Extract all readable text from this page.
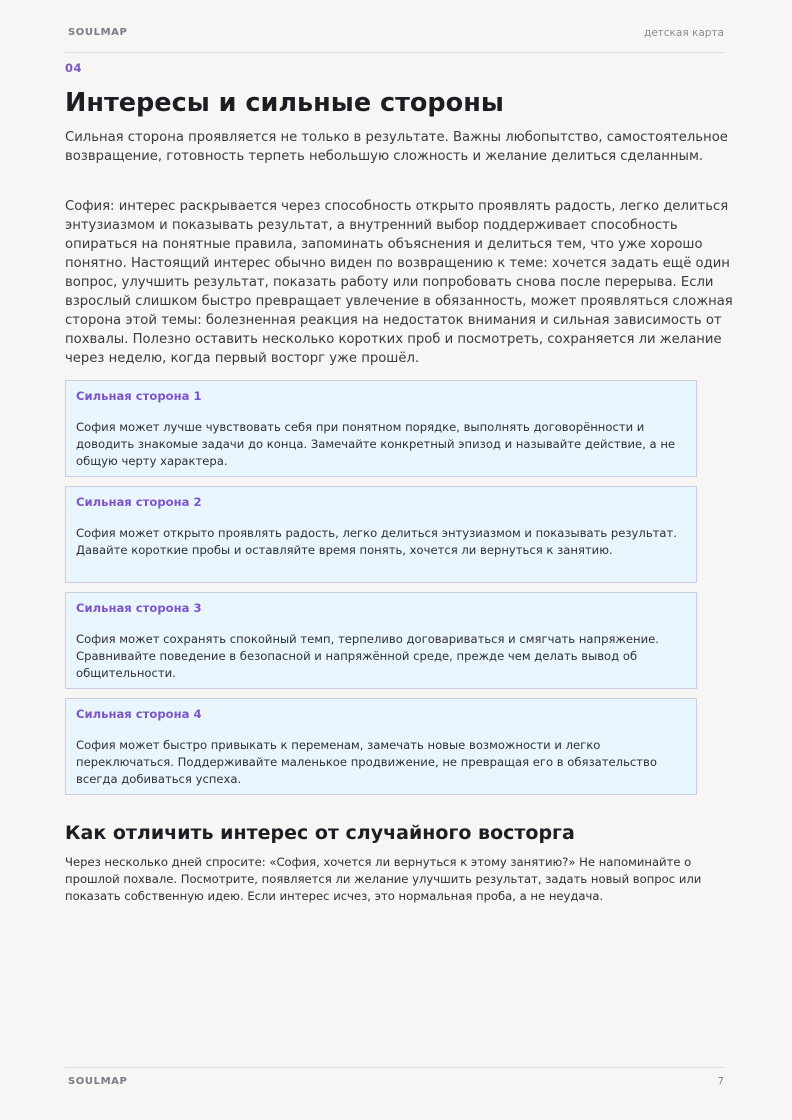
SOULMAP	детская карта
04
Интересы и сильные стороны

Сильная сторона проявляется не только в результате. Важны любопытство, самостоятельное возвращение, готовность терпеть небольшую сложность и желание делиться сделанным.

София: интерес раскрывается через способность открыто проявлять радость, легко делиться энтузиазмом и показывать результат, а внутренний выбор поддерживает способность опираться на понятные правила, запоминать объяснения и делиться тем, что уже хорошо понятно. Настоящий интерес обычно виден по возвращению к теме: хочется задать ещё один вопрос, улучшить результат, показать работу или попробовать снова после перерыва. Если взрослый слишком быстро превращает увлечение в обязанность, может проявляться сложная сторона этой темы: болезненная реакция на недостаток внимания и сильная зависимость от похвалы. Полезно оставить несколько коротких проб и посмотреть, сохраняется ли желание через неделю, когда первый восторг уже прошёл.

Сильная сторона 1
София может лучше чувствовать себя при понятном порядке, выполнять договорённости и доводить знакомые задачи до конца. Замечайте конкретный эпизод и называйте действие, а не общую черту характера.
Сильная сторона 2
София может открыто проявлять радость, легко делиться энтузиазмом и показывать результат. Давайте короткие пробы и оставляйте время понять, хочется ли вернуться к занятию.
Сильная сторона 3
София может сохранять спокойный темп, терпеливо договариваться и смягчать напряжение. Сравнивайте поведение в безопасной и напряжённой среде, прежде чем делать вывод об общительности.
Сильная сторона 4
София может быстро привыкать к переменам, замечать новые возможности и легко переключаться. Поддерживайте маленькое продвижение, не превращая его в обязательство всегда добиваться успеха.
Как отличить интерес от случайного восторга

Через несколько дней спросите: «София, хочется ли вернуться к этому занятию?» Не напоминайте о прошлой похвале. Посмотрите, появляется ли желание улучшить результат, задать новый вопрос или показать собственную идею. Если интерес исчез, это нормальная проба, а не неудача.

SOULMAP	7
